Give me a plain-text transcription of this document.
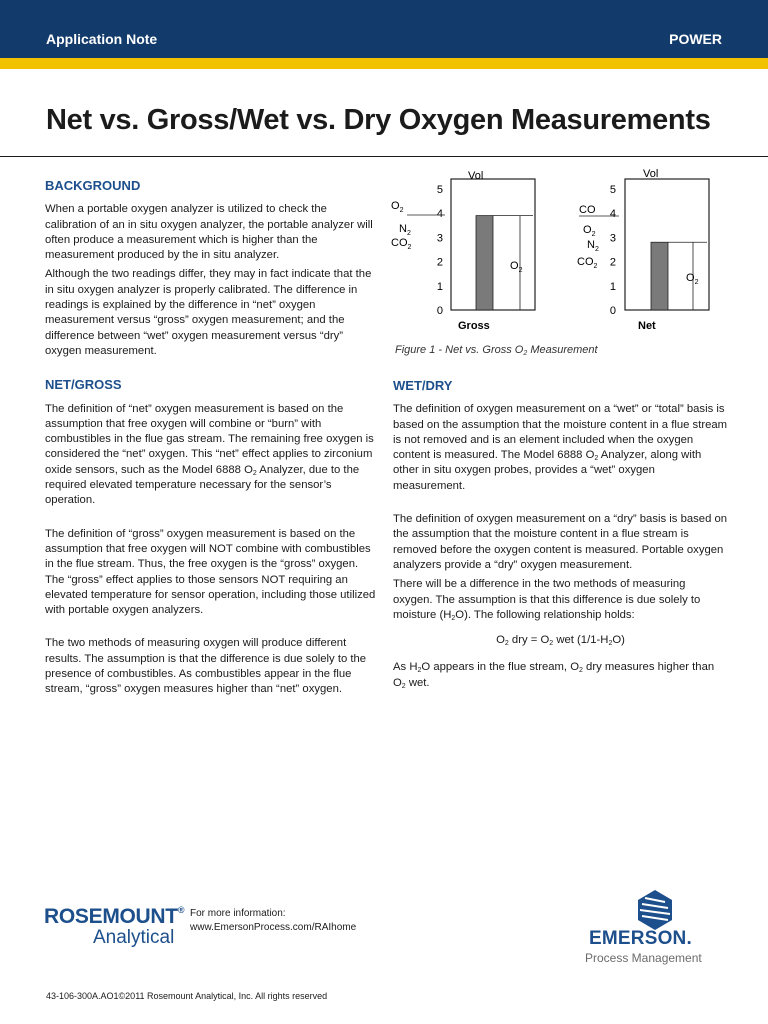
Application Note	POWER
Net vs. Gross/Wet vs. Dry Oxygen Measurements
BACKGROUND

When a portable oxygen analyzer is utilized to check the calibration of an in situ oxygen analyzer, the portable analyzer will often produce a measurement which is higher than the measurement produced by the in situ analyzer.

Although the two readings differ, they may in fact indicate that the in situ oxygen analyzer is properly calibrated. The difference in readings is explained by the difference in “net” oxygen measurement versus “gross” oxygen measurement; and the difference between “wet” oxygen measurement versus “dry” oxygen measurement.

NET/GROSS

The definition of “net” oxygen measurement is based on the assumption that free oxygen will combine or “burn” with combustibles in the flue gas stream. The remaining free oxygen is considered the “net” oxygen. This “net” effect applies to zirconium oxide sensors, such as the Model 6888 $O_2$ Analyzer, due to the required elevated temperature necessary for the sensor’s operation.

The definition of “gross” oxygen measurement is based on the assumption that free oxygen will NOT combine with combustibles in the flue stream. Thus, the free oxygen is the “gross” oxygen. The “gross” effect applies to those sensors NOT requiring an elevated temperature for sensor operation, including those utilized with portable oxygen analyzers.

The two methods of measuring oxygen will produce different results. The assumption is that the difference is due solely to the presence of combustibles. As combustibles appear in the flue stream, “gross” oxygen measures higher than “net” oxygen.

Vol
0
1
2
3
4
5
$O_2$
$N_2$
$CO_2$
$O_2$
Gross
Vol
0
1
2
3
4
5
CO
$O_2$
$N_2$
$CO_2$
$O_2$
Net
Figure 1 - Net vs. Gross $O_2$ Measurement
WET/DRY

The definition of oxygen measurement on a “wet” or “total” basis is based on the assumption that the moisture content in a flue stream is not removed and is an element included when the oxygen content is measured. The Model 6888 $O_2$ Analyzer, along with other in situ oxygen probes, provides a “wet” oxygen measurement.

The definition of oxygen measurement on a “dry” basis is based on the assumption that the moisture content in a flue stream is removed before the oxygen content is measured. Portable oxygen analyzers provide a “dry” oxygen measurement.

There will be a difference in the two methods of measuring oxygen. The assumption is that this difference is due solely to moisture $(H_2O)$. The following relationship holds:

$O_2$ dry = $O_2$ wet $(1/1-H_2O)$

As $H_2O$ appears in the flue stream, $O_2$ dry measures higher than $O_2$ wet.

ROSEMOUNT®
Analytical
For more information:
www.EmersonProcess.com/RAIhome
EMERSON.
Process Management
43-106-300A.AO1©2011 Rosemount Analytical, Inc. All rights reserved
